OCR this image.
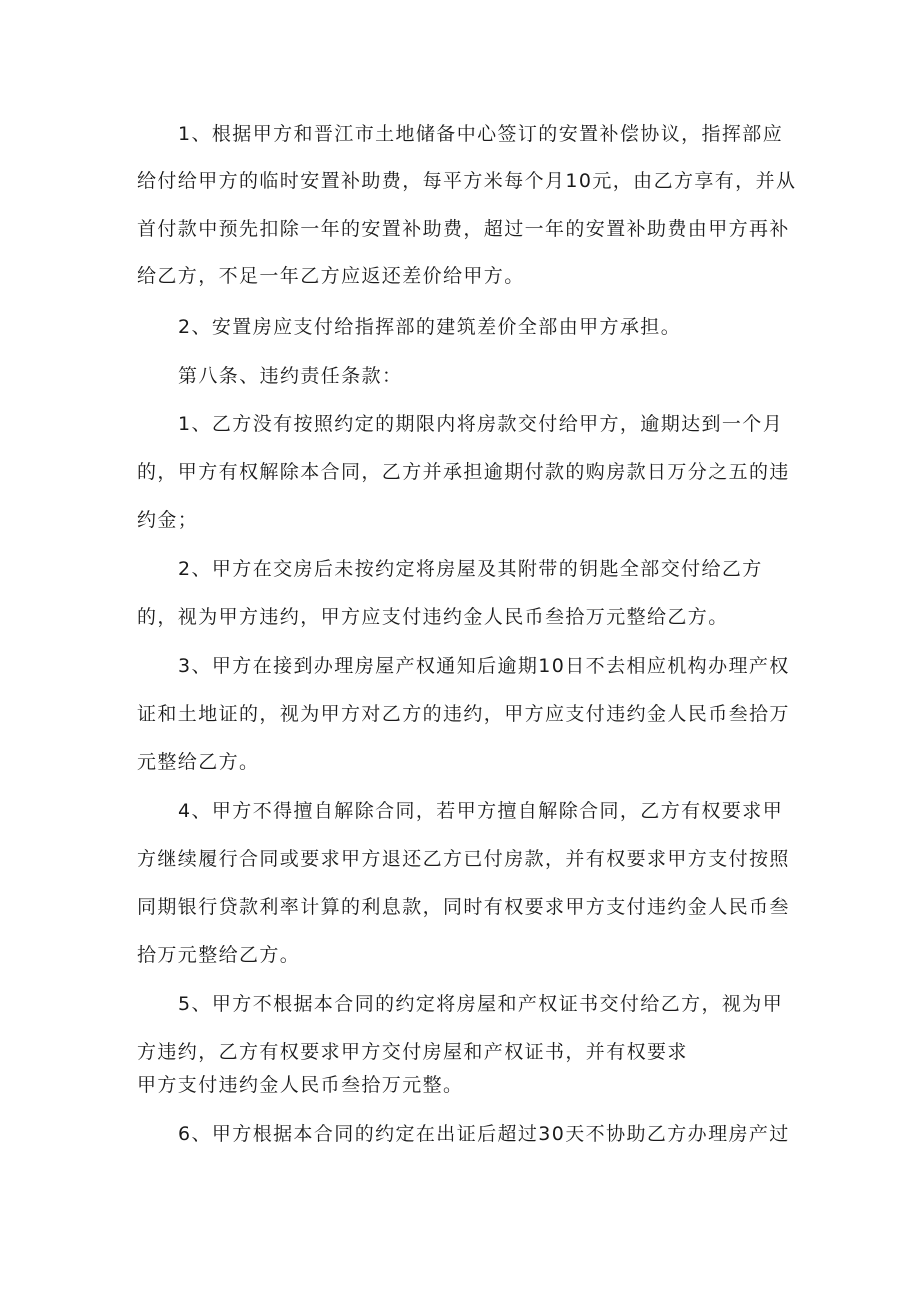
1、根据甲方和晋江市土地储备中心签订的安置补偿协议，指挥部应
给付给甲方的临时安置补助费，每平方米每个月10元，由乙方享有，并从
首付款中预先扣除一年的安置补助费，超过一年的安置补助费由甲方再补
给乙方，不足一年乙方应返还差价给甲方。
2、安置房应支付给指挥部的建筑差价全部由甲方承担。
第八条、违约责任条款：
1、乙方没有按照约定的期限内将房款交付给甲方，逾期达到一个月
的，甲方有权解除本合同，乙方并承担逾期付款的购房款日万分之五的违
约金；
2、甲方在交房后未按约定将房屋及其附带的钥匙全部交付给乙方
的，视为甲方违约，甲方应支付违约金人民币叁拾万元整给乙方。
3、甲方在接到办理房屋产权通知后逾期10日不去相应机构办理产权
证和土地证的，视为甲方对乙方的违约，甲方应支付违约金人民币叁拾万
元整给乙方。
4、甲方不得擅自解除合同，若甲方擅自解除合同，乙方有权要求甲
方继续履行合同或要求甲方退还乙方已付房款，并有权要求甲方支付按照
同期银行贷款利率计算的利息款，同时有权要求甲方支付违约金人民币叁
拾万元整给乙方。
5、甲方不根据本合同的约定将房屋和产权证书交付给乙方，视为甲
方违约，乙方有权要求甲方交付房屋和产权证书，并有权要求
甲方支付违约金人民币叁拾万元整。
6、甲方根据本合同的约定在出证后超过30天不协助乙方办理房产过
